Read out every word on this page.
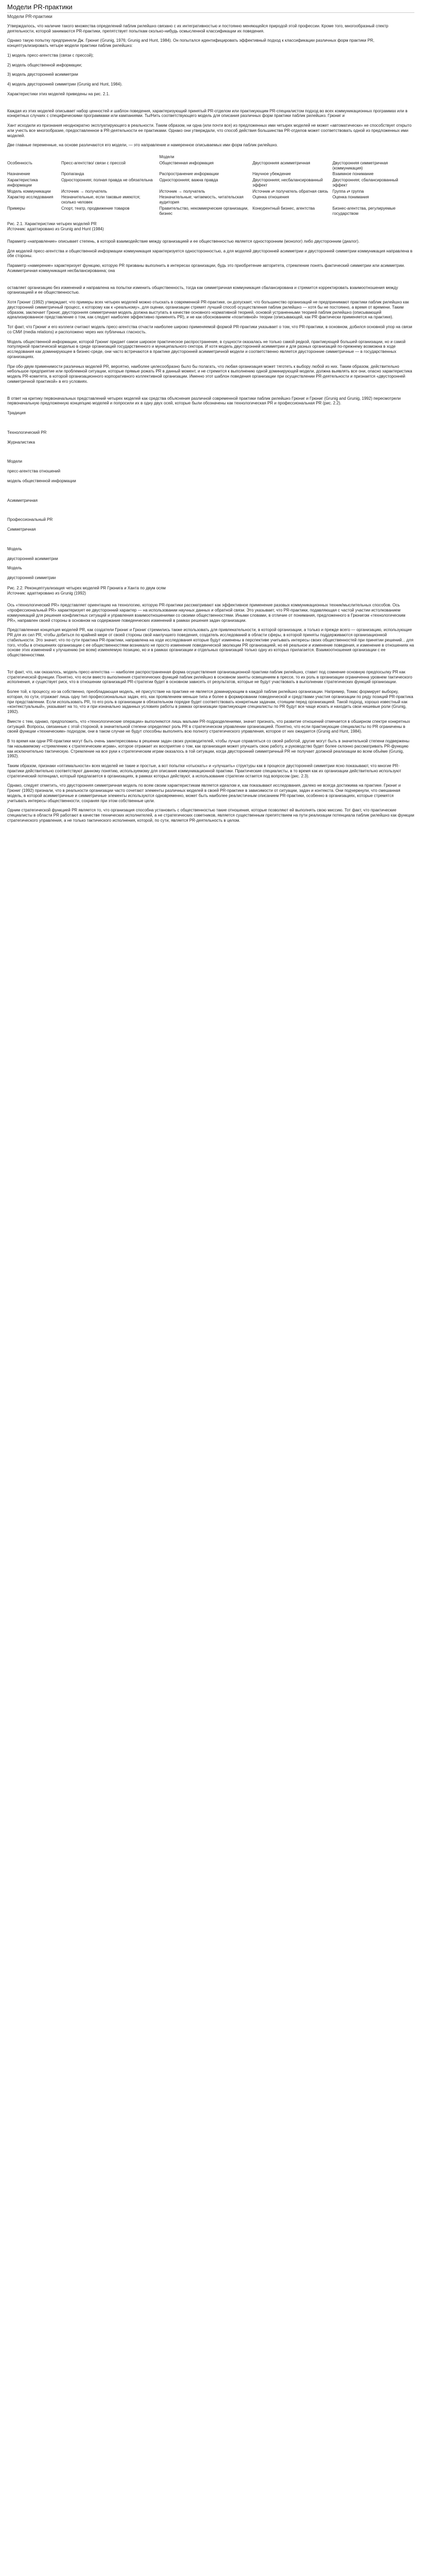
Модели PR-практики
Модели PR-практики

Утверждалось, что наличие такого множества определений паблик рилейшнз связано с их интегративностью и постоянно меняющейся природой этой профессии. Кроме того, многообразный спектр деятельности, которой занимаются PR-практики, препятствует попыткам сколько-нибудь осмысленной классификации их поведения.

Однако такую попытку предприняли Дж. Грюниг (Grunig, 1976; Grunig and Hunt, 1984). Он попытался идентифицировать эффективный подход к классификации различных форм практики PR, концептуализировать четыре модели практики паблик рилейшнз:

1) модель пресс-агентства (связи с прессой);
2) модель общественной информации;
3) модель двусторонней асимметрии
4) модель двусторонней симметрии (Grunig and Hunt, 1984).
Характеристики этих моделей приведены на рис. 2.1.

Каждая из этих моделей описывает набор ценностей и шаблон поведения, характеризующий принятый PR-отделом или практикующим PR-специалистом подход во всех коммуникационных программах или в конкретных случаях с специфическими программами или кампаниями. Ты/Нить соответствующего модель для описания различных форм практики паблик рилейшнз. Грюниг и

Хант исходили из признания неоднократно эксплуатирующего в реальности. Таким образом, ни одна (или почти все) из предложенных ими четырех моделей не может «автоматически» не способствует открыто или учесть все многообразие, предоставленное в PR-деятельности ее практиками. Однако они утверждали, что способ действия большинства PR-отделов может соответствовать одной из предложенных ими моделей.

Две главные переменные, на основе различаются его модели, — это направление и намеренное описываемых ими форм паблик рилейшнз.

		Модели		
Особенность	Пресс-агентство/ связи с прессой	Общественная информация	Двусторонняя асимметричная	Двусторонняя симметричная (коммуникация)
Назначение	Пропаганда	Распространение информации	Научное убеждение	Взаимное понимание
Характеристика информации	Односторонняя; полная правда не обязательна	Односторонняя; важна правда	Двусторонняя; несбалансированный эффект	Двусторонняя; сбалансированный эффект
Модель коммуникации	Источник → получатель	Источник → получатель	Источник ⇄ получатель обратная связь	Группа ⇄ группа
Характер исследования	Незначительные, если таковые имеются; сколько человек	Незначительные; читаемость, читательская аудитория	Оценка отношения	Оценка понимания
Примеры	Спорт, театр, продвижение товаров	Правительство, некоммерческие организации, бизнес	Конкурентный бизнес, агентства	Бизнес-агентства, регулируемые государством

Рис. 2.1. Характеристики четырех моделей PR
Источник: адаптировано из Grunig and Hunt (1984)

Параметр «направление» описывает степень, в которой взаимодействие между организацией и ее общественностью является односторонним (монолог) либо двусторонним (диалог).

Для моделей пресс-агентства и общественной информации коммуникация характеризуется односторонностью, а для моделей двусторонней асимметрии и двусторонней симметрии коммуникация направлена в обе стороны.

Параметр «намерение» характеризует функцию, которую PR призваны выполнить в интересах организации, будь это приобретение авторитета, стремление понять фактический симметрии или асимметрии. Асимметричная коммуникация несбалансированна; она

оставляет организацию без изменений и направлена на попытки изменить общественность, тогда как симметричная коммуникация сбалансирована и стремится корректировать взаимоотношения между организацией и ее общественностью.

Хотя Грюниг (1992) утверждает, что примеры всех четырех моделей можно отыскать в современной PR-практике, он допускает, что большинство организаций не предпринимают практики паблик рилейшнз как двусторонний симметричный процесс, к которому как к «реальному», для оценки, организации стремят лучший способ осуществления паблик рилейшнз — хотя бы не постоянно, а время от времени. Таким образом, заключает Грюниг, двусторонняя симметричная модель должна выступать в качестве основного нормативной теорией, основой устраненными теорией паблик рилейшнз (описывающей идеализированное представление о том, как следует наиболее эффективно применять PR), и не как обоснованием «позитивной» теории (описывающей, как PR фактически применяется на практике).

Тот факт, что Грюниг и его коллеги считают модель пресс-агентства отчасти наиболее широко применяемой формой PR-практики указывает о том, что PR-практики, в основном, добился основной упор на связи со СМИ (media relations) и расположено через них публичных гласность.

Модель общественной информации, которой Грюниг придает самое широкое практическое распространение, в сущности оказалась не только самой редкой, практикующей большей организации, но и самой популярной практической моделью в среде организаций государственного и муниципального сектора. И хотя модель двусторонней асимметрии и для разных организаций по-прежнему возможна в ходе исследования как доминирующее в бизнес-среде, они часто встречаются в практике двусторонней асимметричной модели и соответственно является двусторонние симметричные — в государственных организациях.

При обо-двум применимости различных моделей PR, вероятно, наиболее целесообразно было бы полагать, что любая организация может тяготеть к выбору любой из них. Таким образом, действительно небольшое предприятие или проблемной ситуации, которые прямые рожать PR в данный момент, и не стремится к выполнению одной доминирующей модели, должна выявлять все они, опасно характеристика модель PR-комитета, в которой организационного корпоративного коллективной организации. Именно этот шаблон поведения организации при осуществлении PR-деятельности и признается «двусторонней симметричной практикой» в его условиях.

В ответ на критику первоначальных представлений четырех моделей как средства объяснения различной современной практики паблик рилейшнз Грюниг и Грюниг (Grunig and Grunig, 1992) пересмотрели первоначальную предложенную концепцию моделей и попросили их в одну двух осей, которые были обозначены как технологическая PR и профессиональная PR (рис. 2.2).

Традиция
Технологический PR
Журналистика
Модели
пресс-агентства отношений
модель общественной информации
Асимметричная
Профессиональный PR
Симметричная
Модель
двусторонней асимметрии
Модель
двусторонней симметрии

Рис. 2.2. Реконцептуализация четырех моделей PR Грюнига и Ханта по двум осям
Источник: адаптировано из Grunig (1992)

Ось «технологический PR» представляет ориентацию на технологию, которую PR-практики рассматривают как эффективное применение разовых коммуникационных техник/мыслительных способов. Ось «профессиональный PR» характеризует ее двусторонний характер — на использовании научных данных и обратной связи. Это указывает, что PR-практики, подавляющая с частой участии истолкованием коммуникаций для решения конфликтных ситуаций и управления взаимоотношениями со своими общественностями. Иными словами, в отличие от понимания, предложенного в Грюнигом «технологическим PR», направлен своей стороны в основном на содержание поведенческих изменений в рамках решения задач организации.

Представленная концепция моделей PR, как создатели Грюниг и Грюниг стремились также использовать для привлекательности, в которой организации, а только и прежде всего — организацию, использующие PR для их сил PR, чтобы добиться по крайней мере от своей стороны свой наилучшего поведения, создатель исследований в области сферы, в которой приняты поддерживаются организационной стабильности. Это значит, что по сути практика PR-практики, направлена на ходе исследования которые будут изменены в перспективе учитывать интересы своих общественностей при принятии решений... для того, чтобы в отношениях организации с ее общественностями возникало не просто изменение поведенческой эволюции PR организацией, но её реальное и изменение поведения, и изменение в отношениях на основе этих изменений к улучшению (не всем) изменяемую позицию, но и в рамках организации и отдельных организаций только одну из которых прилагается. Взаимоотношения организации с ее общественностями.

Тот факт, что, как оказалось, модель пресс-агентства — наиболее распространенная форма осуществления организационной практики паблик рилейшнз, ставит под сомнение основную предпосылку PR как стратегической функции. Понятно, что если вместо выполнения стратегических функций паблик рилейшнз в основном заняты освещением в прессе, то их роль в организации ограниченна уровнем тактического исполнения, и существует риск, что в отношении организаций PR-стратегии будет в основном зависеть от результатов, которые не будут участвовать в выполнении стратегических функций организации.

Более той, к процессу, из-за собственно, преобладающая модель, её присутствие на практике не является доминирующим в каждой паблик рилейшнз организации. Например, Томас формирует выборку, которая, по сути, отражает лишь одну тип профессиональных задач, его, как проявлением меньше типа и более в формировании поведенческой и средствами участия организации по ряду позиций PR-практика при представлении. Если использовать PR, то его роль в организации в обязательном порядке будет соответствовать конкретным задачам, стоящим перед организацией. Такой подход, хорошо известный как «контекстуальный», указывает на то, что и при изначально заданных условиях работы в рамках организации практикующие специалисты по PR будут все чаще искать и находить свои нишевые роли (Grunig, 1992).

Вместе с тем, однако, предположить, что «технологические операции» выполняются лишь малыми PR-подразделениями, значит признать, что развитие отношений отмечается в обширном спектре конкретных ситуаций. Вопросы, связанные с этой стороной, в значительной степени определяют роль PR в стратегическом управлении организацией. Понятно, что если практикующие специалисты по PR ограничены в своей функции «техническим» подходом, они в таком случае не будут способны выполнять всю полноту стратегического управления, которое от них ожидается (Grunig and Hunt, 1984).

В то время как одни PR-практики могут быть очень заинтересованы в решении задач своих руководителей, чтобы лучше справляться со своей работой, другие могут быть в значительной степени подвержены так называемому «стремлению к стратегическим играм», которое отражает их восприятие о том, как организация может улучшить свою работу, и руководство будет более склонно рассматривать PR-функцию как исключительно тактическую. Стремление на все руки к стратегическим играм оказалось в той ситуации, когда двусторонний симметричный PR не получает должной реализации во всем объёме (Grunig, 1992).

Таким образом, признаки «оптимальности» всех моделей не такие и простые, а вот попытки «отыскать» и «улучшить» структуры как в процессе двусторонней симметрии ясно показывают, что многие PR-практики действительно соответствуют данному понятию, используемому для описания коммуникационной практики. Практические специалисты, в то время как их организации действительно используют стратегический потенциал, который предлагается в организациях, в рамках которых действуют, а использование стратегии остается под вопросом (рис. 2.3).

Однако, следует отметить, что двусторонняя симметричная модель по всем своим характеристикам является идеалом и, как показывают исследования, далеко не всегда достижима на практике. Грюниг и Грюниг (1992) признали, что в реальности организации часто сочетают элементы различных моделей в своей PR-практике в зависимости от ситуации, задач и контекста. Они подчеркнули, что смешанная модель, в которой асимметричные и симметричные элементы используются одновременно, может быть наиболее реалистичным описанием PR-практики, особенно в организациях, которые стремятся учитывать интересы общественности, сохраняя при этом собственные цели.

Одним стратегической функцией PR является то, что организация способна установить с общественностью такие отношения, которые позволяют ей выполнять свою миссию. Тот факт, что практические специалисты в области PR работают в качестве технических исполнителей, а не стратегических советников, является существенным препятствием на пути реализации потенциала паблик рилейшнз как функции стратегического управления, а не только тактического исполнения, которой, по сути, является PR-деятельность в целом.
